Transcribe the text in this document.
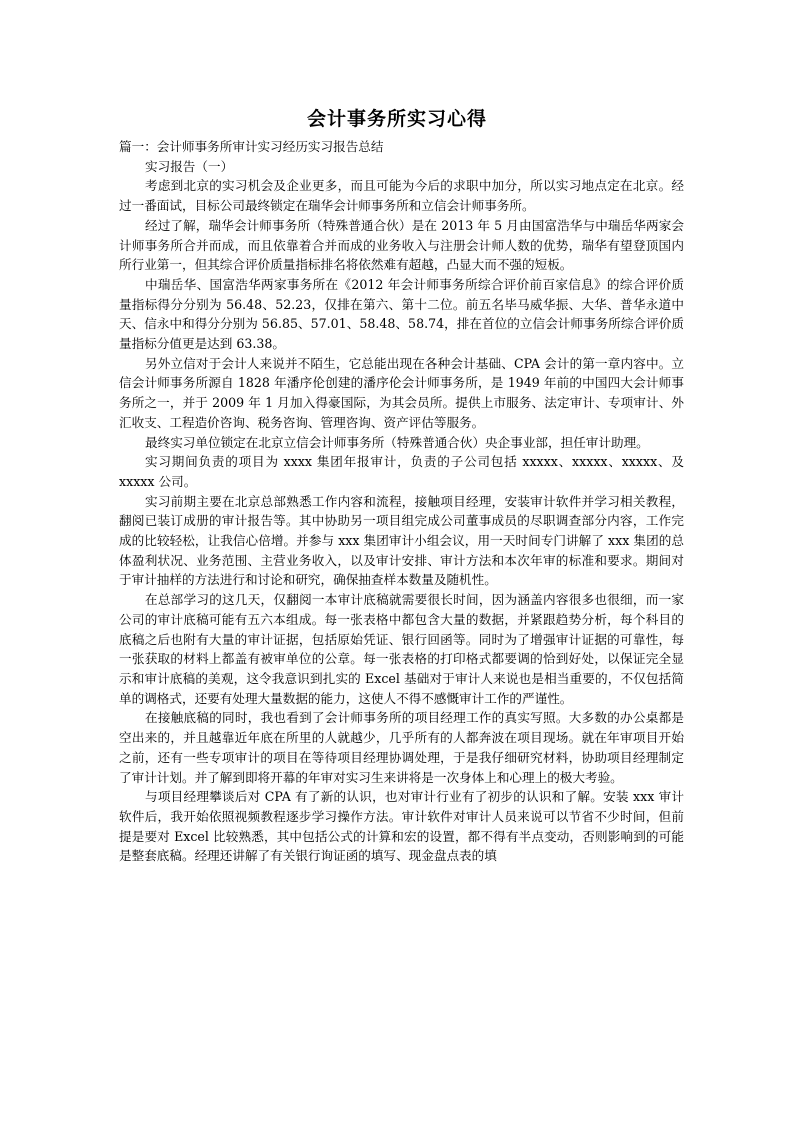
会计事务所实习心得

篇一：会计师事务所审计实习经历实习报告总结

实习报告（一）

考虑到北京的实习机会及企业更多，而且可能为今后的求职中加分，所以实习地点定在北京。经过一番面试，目标公司最终锁定在瑞华会计师事务所和立信会计师事务所。

经过了解，瑞华会计师事务所（特殊普通合伙）是在 2013 年 5 月由国富浩华与中瑞岳华两家会计师事务所合并而成，而且依靠着合并而成的业务收入与注册会计师人数的优势，瑞华有望登顶国内所行业第一，但其综合评价质量指标排名将依然难有超越，凸显大而不强的短板。

中瑞岳华、国富浩华两家事务所在《2012 年会计师事务所综合评价前百家信息》的综合评价质量指标得分分别为 56.48、52.23，仅排在第六、第十二位。前五名毕马威华振、大华、普华永道中天、信永中和得分分别为 56.85、57.01、58.48、58.74，排在首位的立信会计师事务所综合评价质量指标分值更是达到 63.38。

另外立信对于会计人来说并不陌生，它总能出现在各种会计基础、CPA 会计的第一章内容中。立信会计师事务所源自 1828 年潘序伦创建的潘序伦会计师事务所，是 1949 年前的中国四大会计师事务所之一，并于 2009 年 1 月加入得豪国际，为其会员所。提供上市服务、法定审计、专项审计、外汇收支、工程造价咨询、税务咨询、管理咨询、资产评估等服务。

最终实习单位锁定在北京立信会计师事务所（特殊普通合伙）央企事业部，担任审计助理。

实习期间负责的项目为 xxxx 集团年报审计，负责的子公司包括 xxxxx、xxxxx、xxxxx、及 xxxxx 公司。

实习前期主要在北京总部熟悉工作内容和流程，接触项目经理，安装审计软件并学习相关教程，翻阅已装订成册的审计报告等。其中协助另一项目组完成公司董事成员的尽职调查部分内容，工作完成的比较轻松，让我信心倍增。并参与 xxx 集团审计小组会议，用一天时间专门讲解了 xxx 集团的总体盈利状况、业务范围、主营业务收入，以及审计安排、审计方法和本次年审的标准和要求。期间对于审计抽样的方法进行和讨论和研究，确保抽查样本数量及随机性。

在总部学习的这几天，仅翻阅一本审计底稿就需要很长时间，因为涵盖内容很多也很细，而一家公司的审计底稿可能有五六本组成。每一张表格中都包含大量的数据，并紧跟趋势分析，每个科目的底稿之后也附有大量的审计证据，包括原始凭证、银行回函等。同时为了增强审计证据的可靠性，每一张获取的材料上都盖有被审单位的公章。每一张表格的打印格式都要调的恰到好处，以保证完全显示和审计底稿的美观，这令我意识到扎实的 Excel 基础对于审计人来说也是相当重要的，不仅包括简单的调格式，还要有处理大量数据的能力，这使人不得不感慨审计工作的严谨性。

在接触底稿的同时，我也看到了会计师事务所的项目经理工作的真实写照。大多数的办公桌都是空出来的，并且越靠近年底在所里的人就越少，几乎所有的人都奔波在项目现场。就在年审项目开始之前，还有一些专项审计的项目在等待项目经理协调处理，于是我仔细研究材料，协助项目经理制定了审计计划。并了解到即将开幕的年审对实习生来讲将是一次身体上和心理上的极大考验。

与项目经理攀谈后对 CPA 有了新的认识，也对审计行业有了初步的认识和了解。安装 xxx 审计软件后，我开始依照视频教程逐步学习操作方法。审计软件对审计人员来说可以节省不少时间，但前提是要对 Excel 比较熟悉，其中包括公式的计算和宏的设置，都不得有半点变动，否则影响到的可能是整套底稿。经理还讲解了有关银行询证函的填写、现金盘点表的填
